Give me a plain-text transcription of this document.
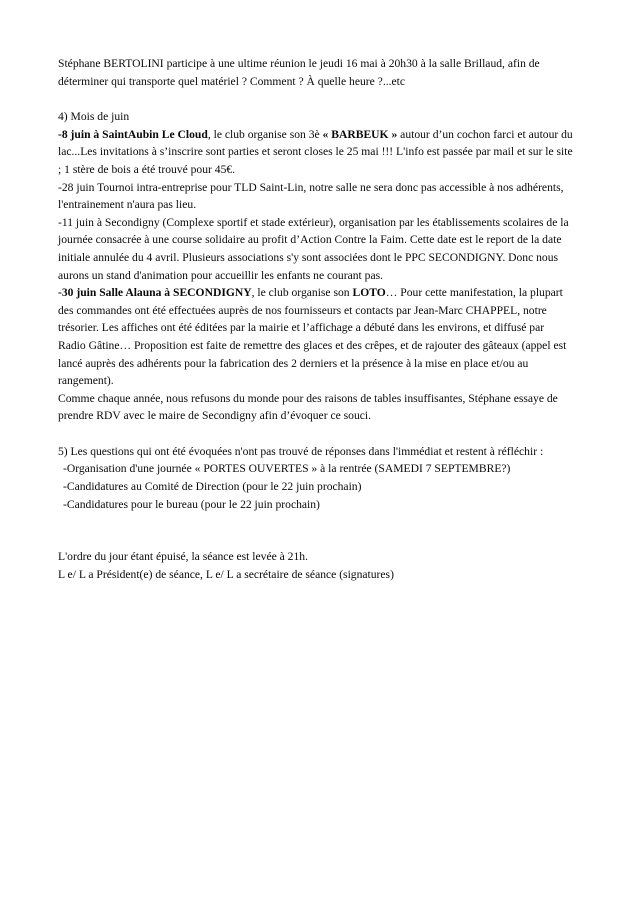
Stéphane BERTOLINI participe à une ultime réunion le jeudi 16 mai à 20h30 à la salle Brillaud, afin de déterminer qui transporte quel matériel ? Comment ? À quelle heure ?...etc

4) Mois de juin

-8 juin à SaintAubin Le Cloud, le club organise son 3è « BARBEUK » autour d’un cochon farci et autour du lac...Les invitations à s’inscrire sont parties et seront closes le 25 mai !!! L'info est passée par mail et sur le site ; 1 stère de bois a été trouvé pour 45€.

-28 juin Tournoi intra-entreprise pour TLD Saint-Lin, notre salle ne sera donc pas accessible à nos adhérents, l'entrainement n'aura pas lieu.

-11 juin à Secondigny (Complexe sportif et stade extérieur), organisation par les établissements scolaires de la journée consacrée à une course solidaire au profit d’Action Contre la Faim. Cette date est le report de la date initiale annulée du 4 avril. Plusieurs associations s'y sont associées dont le PPC SECONDIGNY. Donc nous aurons un stand d'animation pour accueillir les enfants ne courant pas.

-30 juin Salle Alauna à SECONDIGNY, le club organise son LOTO… Pour cette manifestation, la plupart des commandes ont été effectuées auprès de nos fournisseurs et contacts par Jean-Marc CHAPPEL, notre trésorier. Les affiches ont été éditées par la mairie et l’affichage a débuté dans les environs, et diffusé par Radio Gâtine… Proposition est faite de remettre des glaces et des crêpes, et de rajouter des gâteaux (appel est lancé auprès des adhérents pour la fabrication des 2 derniers et la présence à la mise en place et/ou au rangement).

Comme chaque année, nous refusons du monde pour des raisons de tables insuffisantes, Stéphane essaye de prendre RDV avec le maire de Secondigny afin d’évoquer ce souci.

5) Les questions qui ont été évoquées n'ont pas trouvé de réponses dans l'immédiat et restent à réfléchir :

-Organisation d'une journée « PORTES OUVERTES » à la rentrée (SAMEDI 7 SEPTEMBRE?)

-Candidatures au Comité de Direction (pour le 22 juin prochain)

-Candidatures pour le bureau (pour le 22 juin prochain)

L'ordre du jour étant épuisé, la séance est levée à 21h.

L e/ L a Président(e) de séance, L e/ L a secrétaire de séance (signatures)
